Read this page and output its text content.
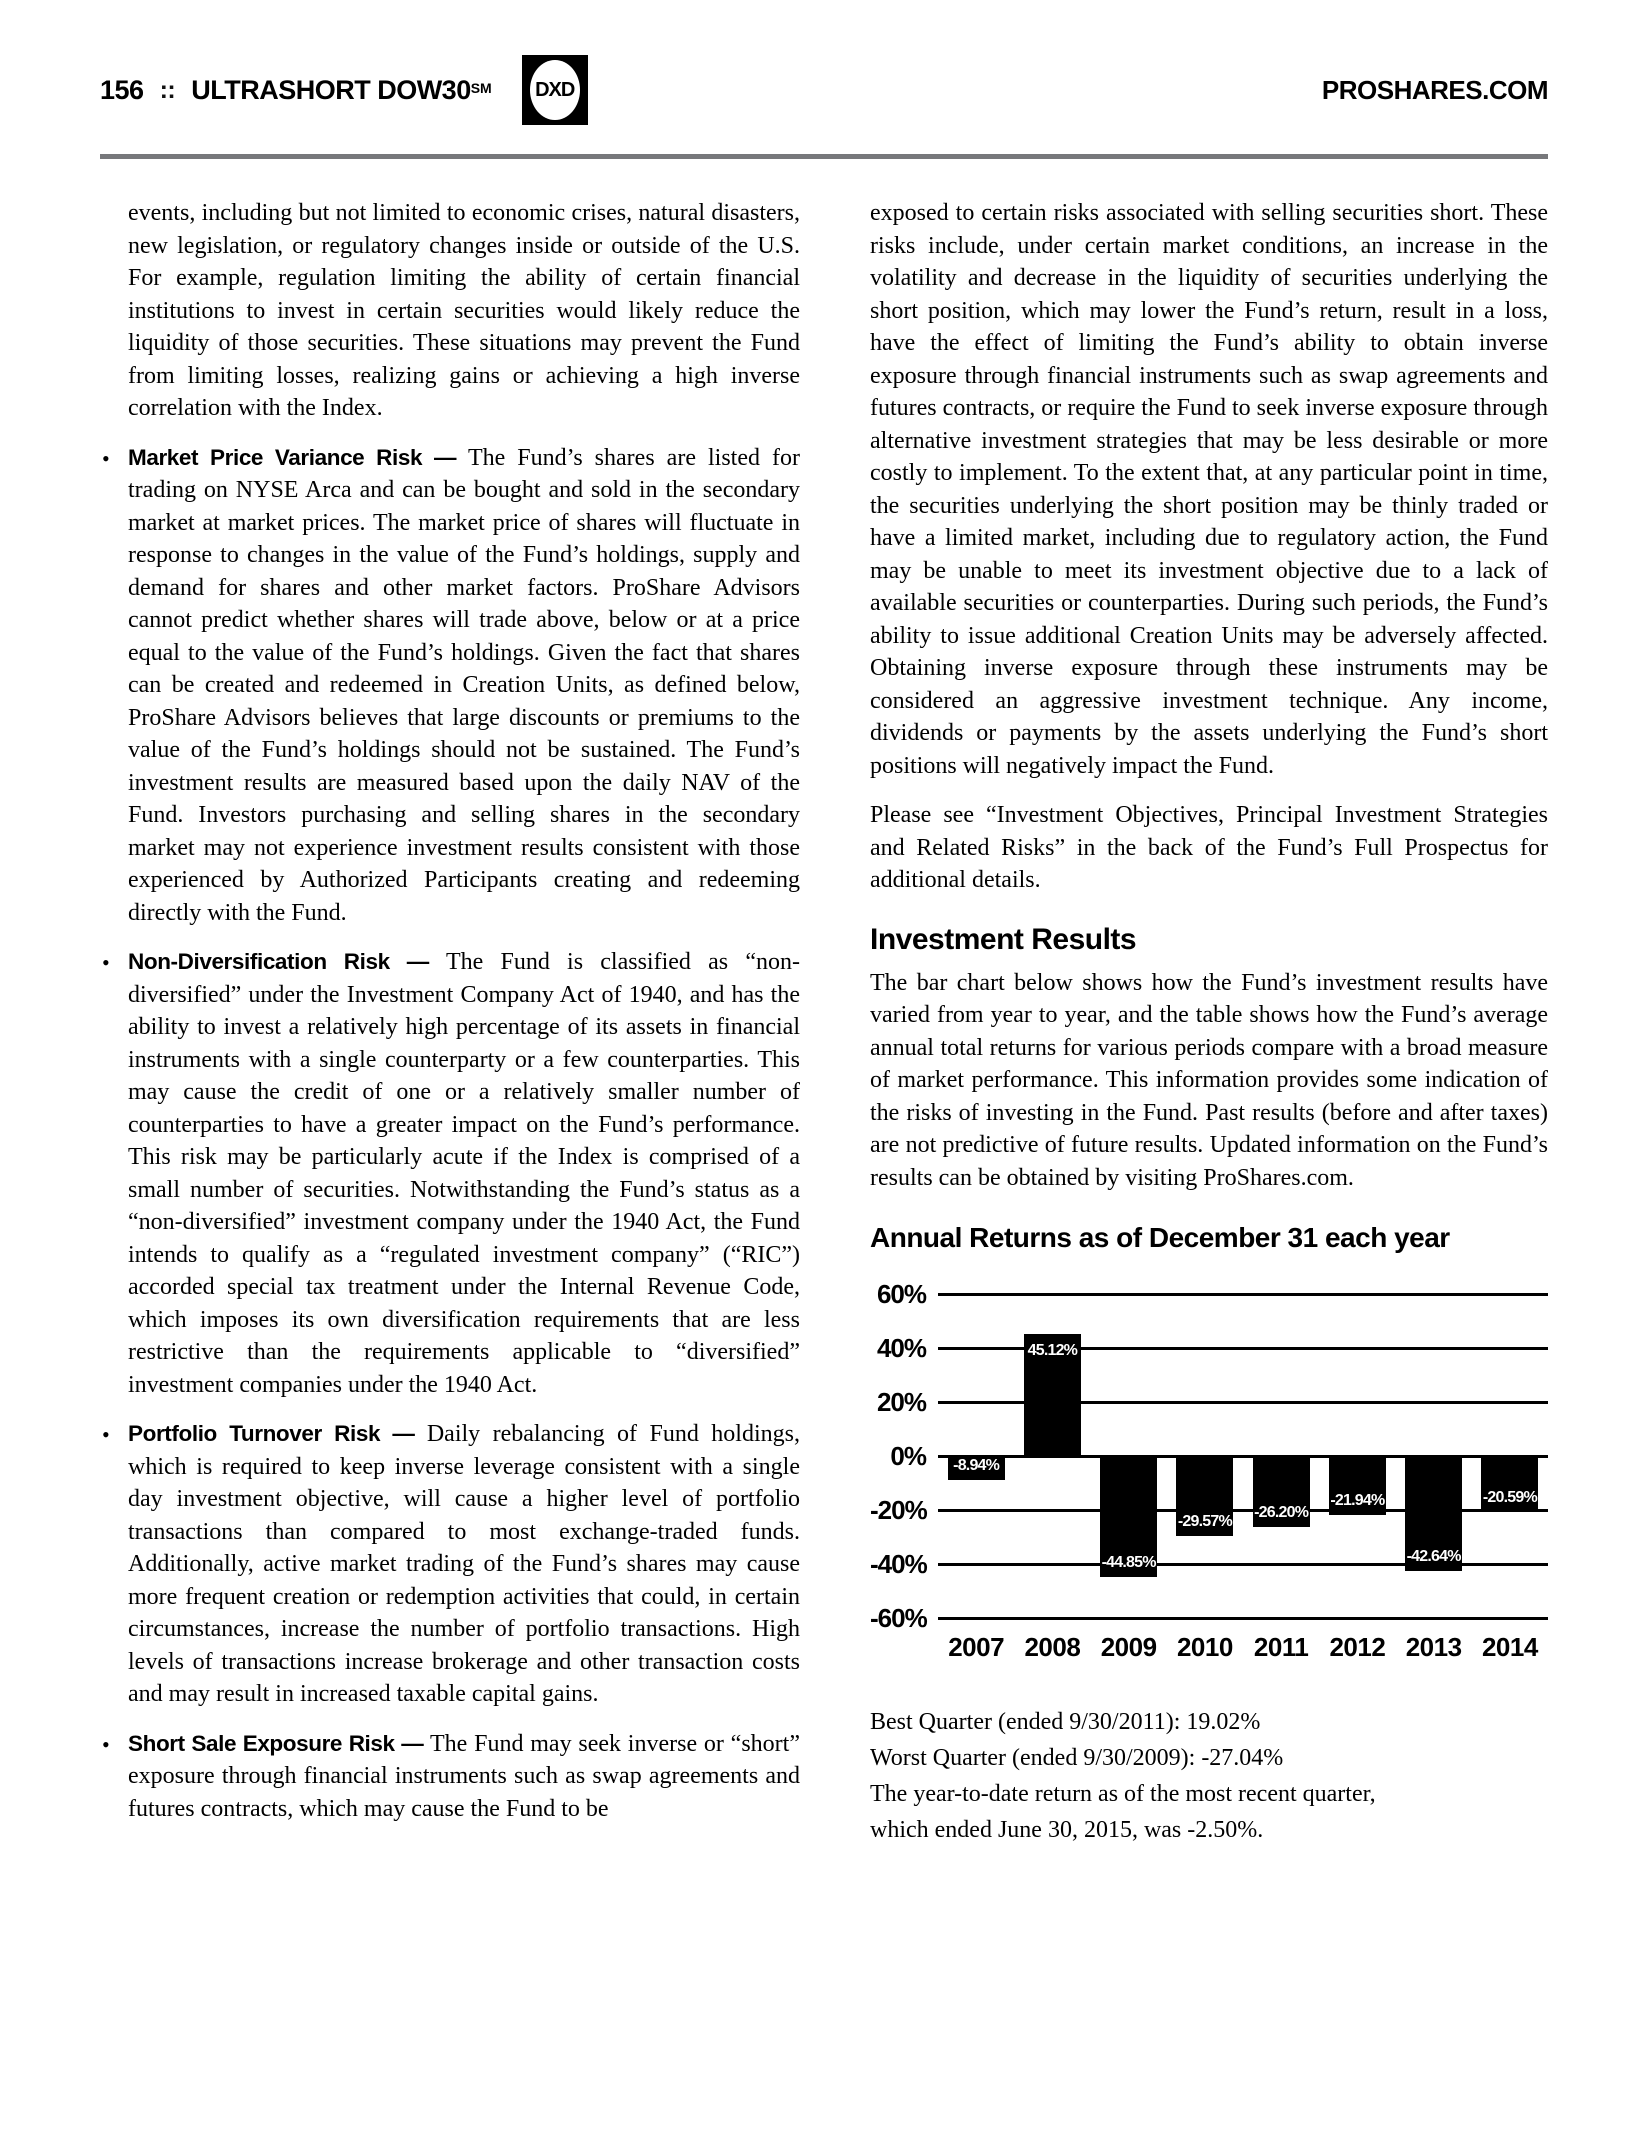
156 :: ULTRASHORT DOW30℠ DXD	PROSHARES.COM

events, including but not limited to economic crises, natural disasters, new legislation, or regulatory changes inside or outside of the U.S. For example, regulation limiting the ability of certain financial institutions to invest in certain securities would likely reduce the liquidity of those securities. These situations may prevent the Fund from limiting losses, realizing gains or achieving a high inverse correlation with the Index.

• Market Price Variance Risk — The Fund’s shares are listed for trading on NYSE Arca and can be bought and sold in the secondary market at market prices. The market price of shares will fluctuate in response to changes in the value of the Fund’s holdings, supply and demand for shares and other market factors. ProShare Advisors cannot predict whether shares will trade above, below or at a price equal to the value of the Fund’s holdings. Given the fact that shares can be created and redeemed in Creation Units, as defined below, ProShare Advisors believes that large discounts or premiums to the value of the Fund’s holdings should not be sustained. The Fund’s investment results are measured based upon the daily NAV of the Fund. Investors purchasing and selling shares in the secondary market may not experience investment results consistent with those experienced by Authorized Participants creating and redeeming directly with the Fund.
• Non-Diversification Risk — The Fund is classified as “non-diversified” under the Investment Company Act of 1940, and has the ability to invest a relatively high percentage of its assets in financial instruments with a single counterparty or a few counterparties. This may cause the credit of one or a relatively smaller number of counterparties to have a greater impact on the Fund’s performance. This risk may be particularly acute if the Index is comprised of a small number of securities. Notwithstanding the Fund’s status as a “non-diversified” investment company under the 1940 Act, the Fund intends to qualify as a “regulated investment company” (“RIC”) accorded special tax treatment under the Internal Revenue Code, which imposes its own diversification requirements that are less restrictive than the requirements applicable to “diversified” investment companies under the 1940 Act.
• Portfolio Turnover Risk — Daily rebalancing of Fund holdings, which is required to keep inverse leverage consistent with a single day investment objective, will cause a higher level of portfolio transactions than compared to most exchange-traded funds. Additionally, active market trading of the Fund’s shares may cause more frequent creation or redemption activities that could, in certain circumstances, increase the number of portfolio transactions. High levels of transactions increase brokerage and other transaction costs and may result in increased taxable capital gains.
• Short Sale Exposure Risk — The Fund may seek inverse or “short” exposure through financial instruments such as swap agreements and futures contracts, which may cause the Fund to be

exposed to certain risks associated with selling securities short. These risks include, under certain market conditions, an increase in the volatility and decrease in the liquidity of securities underlying the short position, which may lower the Fund’s return, result in a loss, have the effect of limiting the Fund’s ability to obtain inverse exposure through financial instruments such as swap agreements and futures contracts, or require the Fund to seek inverse exposure through alternative investment strategies that may be less desirable or more costly to implement. To the extent that, at any particular point in time, the securities underlying the short position may be thinly traded or have a limited market, including due to regulatory action, the Fund may be unable to meet its investment objective due to a lack of available securities or counterparties. During such periods, the Fund’s ability to issue additional Creation Units may be adversely affected. Obtaining inverse exposure through these instruments may be considered an aggressive investment technique. Any income, dividends or payments by the assets underlying the Fund’s short positions will negatively impact the Fund.

Please see “Investment Objectives, Principal Investment Strategies and Related Risks” in the back of the Fund’s Full Prospectus for additional details.

Investment Results

The bar chart below shows how the Fund’s investment results have varied from year to year, and the table shows how the Fund’s average annual total returns for various periods compare with a broad measure of market performance. This information provides some indication of the risks of investing in the Fund. Past results (before and after taxes) are not predictive of future results. Updated information on the Fund’s results can be obtained by visiting ProShares.com.

Annual Returns as of December 31 each year
60%
40%
20%
0%
-20%
-40%
-60%
-8.94%
2007
45.12%
2008
-44.85%
2009
-29.57%
2010
-26.20%
2011
-21.94%
2012
-42.64%
2013
-20.59%
2014
Best Quarter (ended 9/30/2011): 19.02%
Worst Quarter (ended 9/30/2009): -27.04%
The year-to-date return as of the most recent quarter,
which ended June 30, 2015, was -2.50%.
